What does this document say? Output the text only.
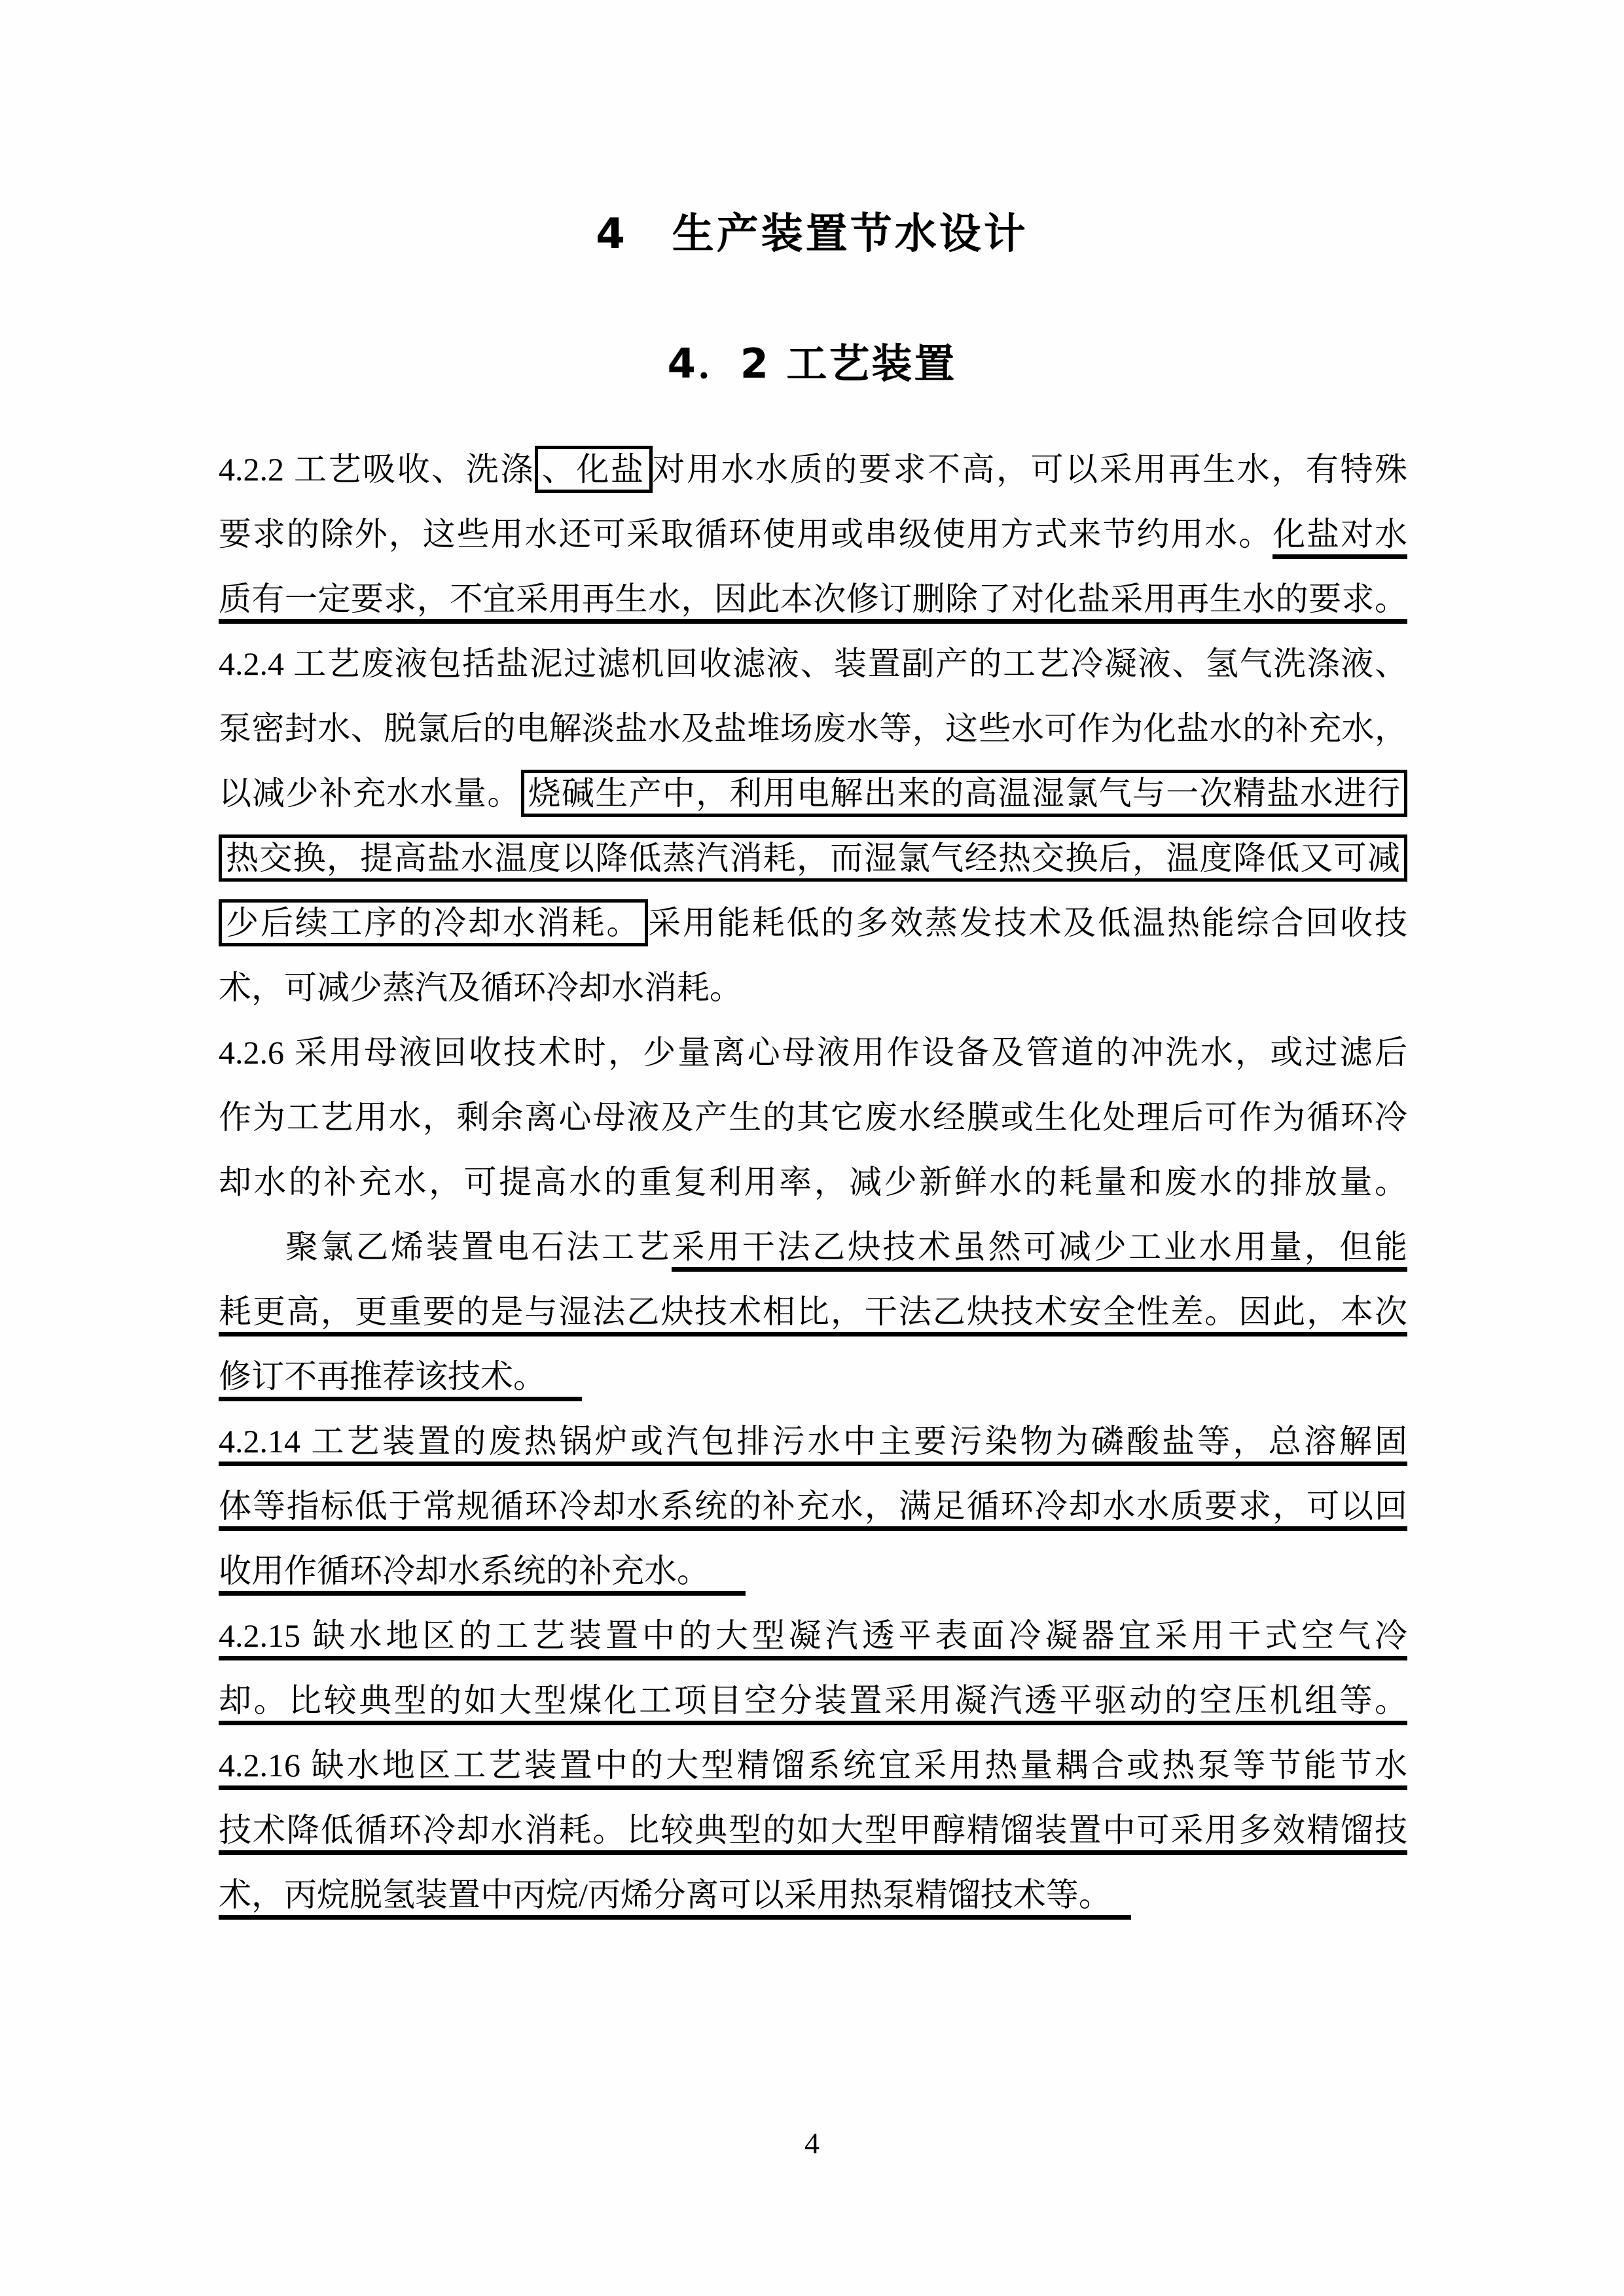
4　生产装置节水设计
4．2 工艺装置
4.2.2 工艺吸收、洗涤 、化盐 对用水水质的要求不高，可以采用再生水，有特殊
要求的除外，这些用水还可采取循环使用或串级使用方式来节约用水。化盐对水
质有一定要求，不宜采用再生水，因此本次修订删除了对化盐采用再生水的要求。
4.2.4 工艺废液包括盐泥过滤机回收滤液、装置副产的工艺冷凝液、氢气洗涤液、
泵密封水、脱氯后的电解淡盐水及盐堆场废水等，这些水可作为化盐水的补充水，
以减少补充水水量。 烧碱生产中，利用电解出来的高温湿氯气与一次精盐水进行
热交换，提高盐水温度以降低蒸汽消耗，而湿氯气经热交换后，温度降低又可减
少后续工序的冷却水消耗。 采用能耗低的多效蒸发技术及低温热能综合回收技
术，可减少蒸汽及循环冷却水消耗。
4.2.6 采用母液回收技术时，少量离心母液用作设备及管道的冲洗水，或过滤后
作为工艺用水，剩余离心母液及产生的其它废水经膜或生化处理后可作为循环冷
却水的补充水，可提高水的重复利用率，减少新鲜水的耗量和废水的排放量。
聚氯乙烯装置电石法工艺采用干法乙炔技术虽然可减少工业水用量，但能
耗更高，更重要的是与湿法乙炔技术相比，干法乙炔技术安全性差。因此，本次
修订不再推荐该技术。
4.2.14 工艺装置的废热锅炉或汽包排污水中主要污染物为磷酸盐等，总溶解固
体等指标低于常规循环冷却水系统的补充水，满足循环冷却水水质要求，可以回
收用作循环冷却水系统的补充水。
4.2.15 缺水地区的工艺装置中的大型凝汽透平表面冷凝器宜采用干式空气冷
却。比较典型的如大型煤化工项目空分装置采用凝汽透平驱动的空压机组等。
4.2.16 缺水地区工艺装置中的大型精馏系统宜采用热量耦合或热泵等节能节水
技术降低循环冷却水消耗。比较典型的如大型甲醇精馏装置中可采用多效精馏技
术，丙烷脱氢装置中丙烷/丙烯分离可以采用热泵精馏技术等。
4
